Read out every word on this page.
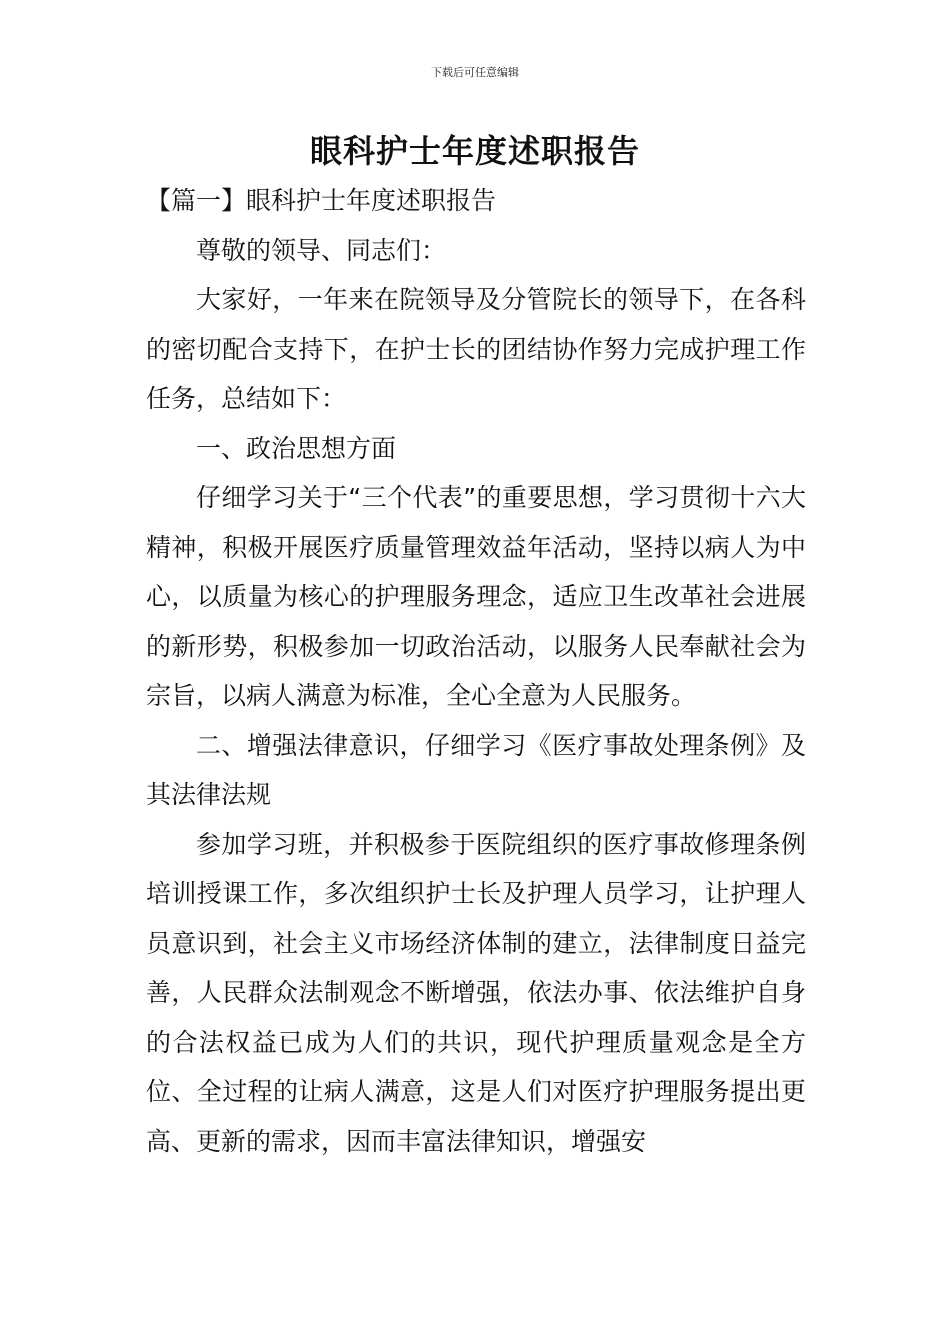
下载后可任意编辑
眼科护士年度述职报告

【篇一】眼科护士年度述职报告

尊敬的领导、同志们：

大家好，一年来在院领导及分管院长的领导下，在各科的密切配合支持下，在护士长的团结协作努力完成护理工作任务，总结如下：

一、政治思想方面

仔细学习关于“三个代表”的重要思想，学习贯彻十六大精神，积极开展医疗质量管理效益年活动，坚持以病人为中心，以质量为核心的护理服务理念，适应卫生改革社会进展的新形势，积极参加一切政治活动，以服务人民奉献社会为宗旨，以病人满意为标准，全心全意为人民服务。

二、增强法律意识，仔细学习《医疗事故处理条例》及其法律法规

参加学习班，并积极参于医院组织的医疗事故修理条例培训授课工作，多次组织护士长及护理人员学习，让护理人员意识到，社会主义市场经济体制的建立，法律制度日益完善，人民群众法制观念不断增强，依法办事、依法维护自身的合法权益已成为人们的共识，现代护理质量观念是全方位、全过程的让病人满意，这是人们对医疗护理服务提出更高、更新的需求，因而丰富法律知识，增强安
